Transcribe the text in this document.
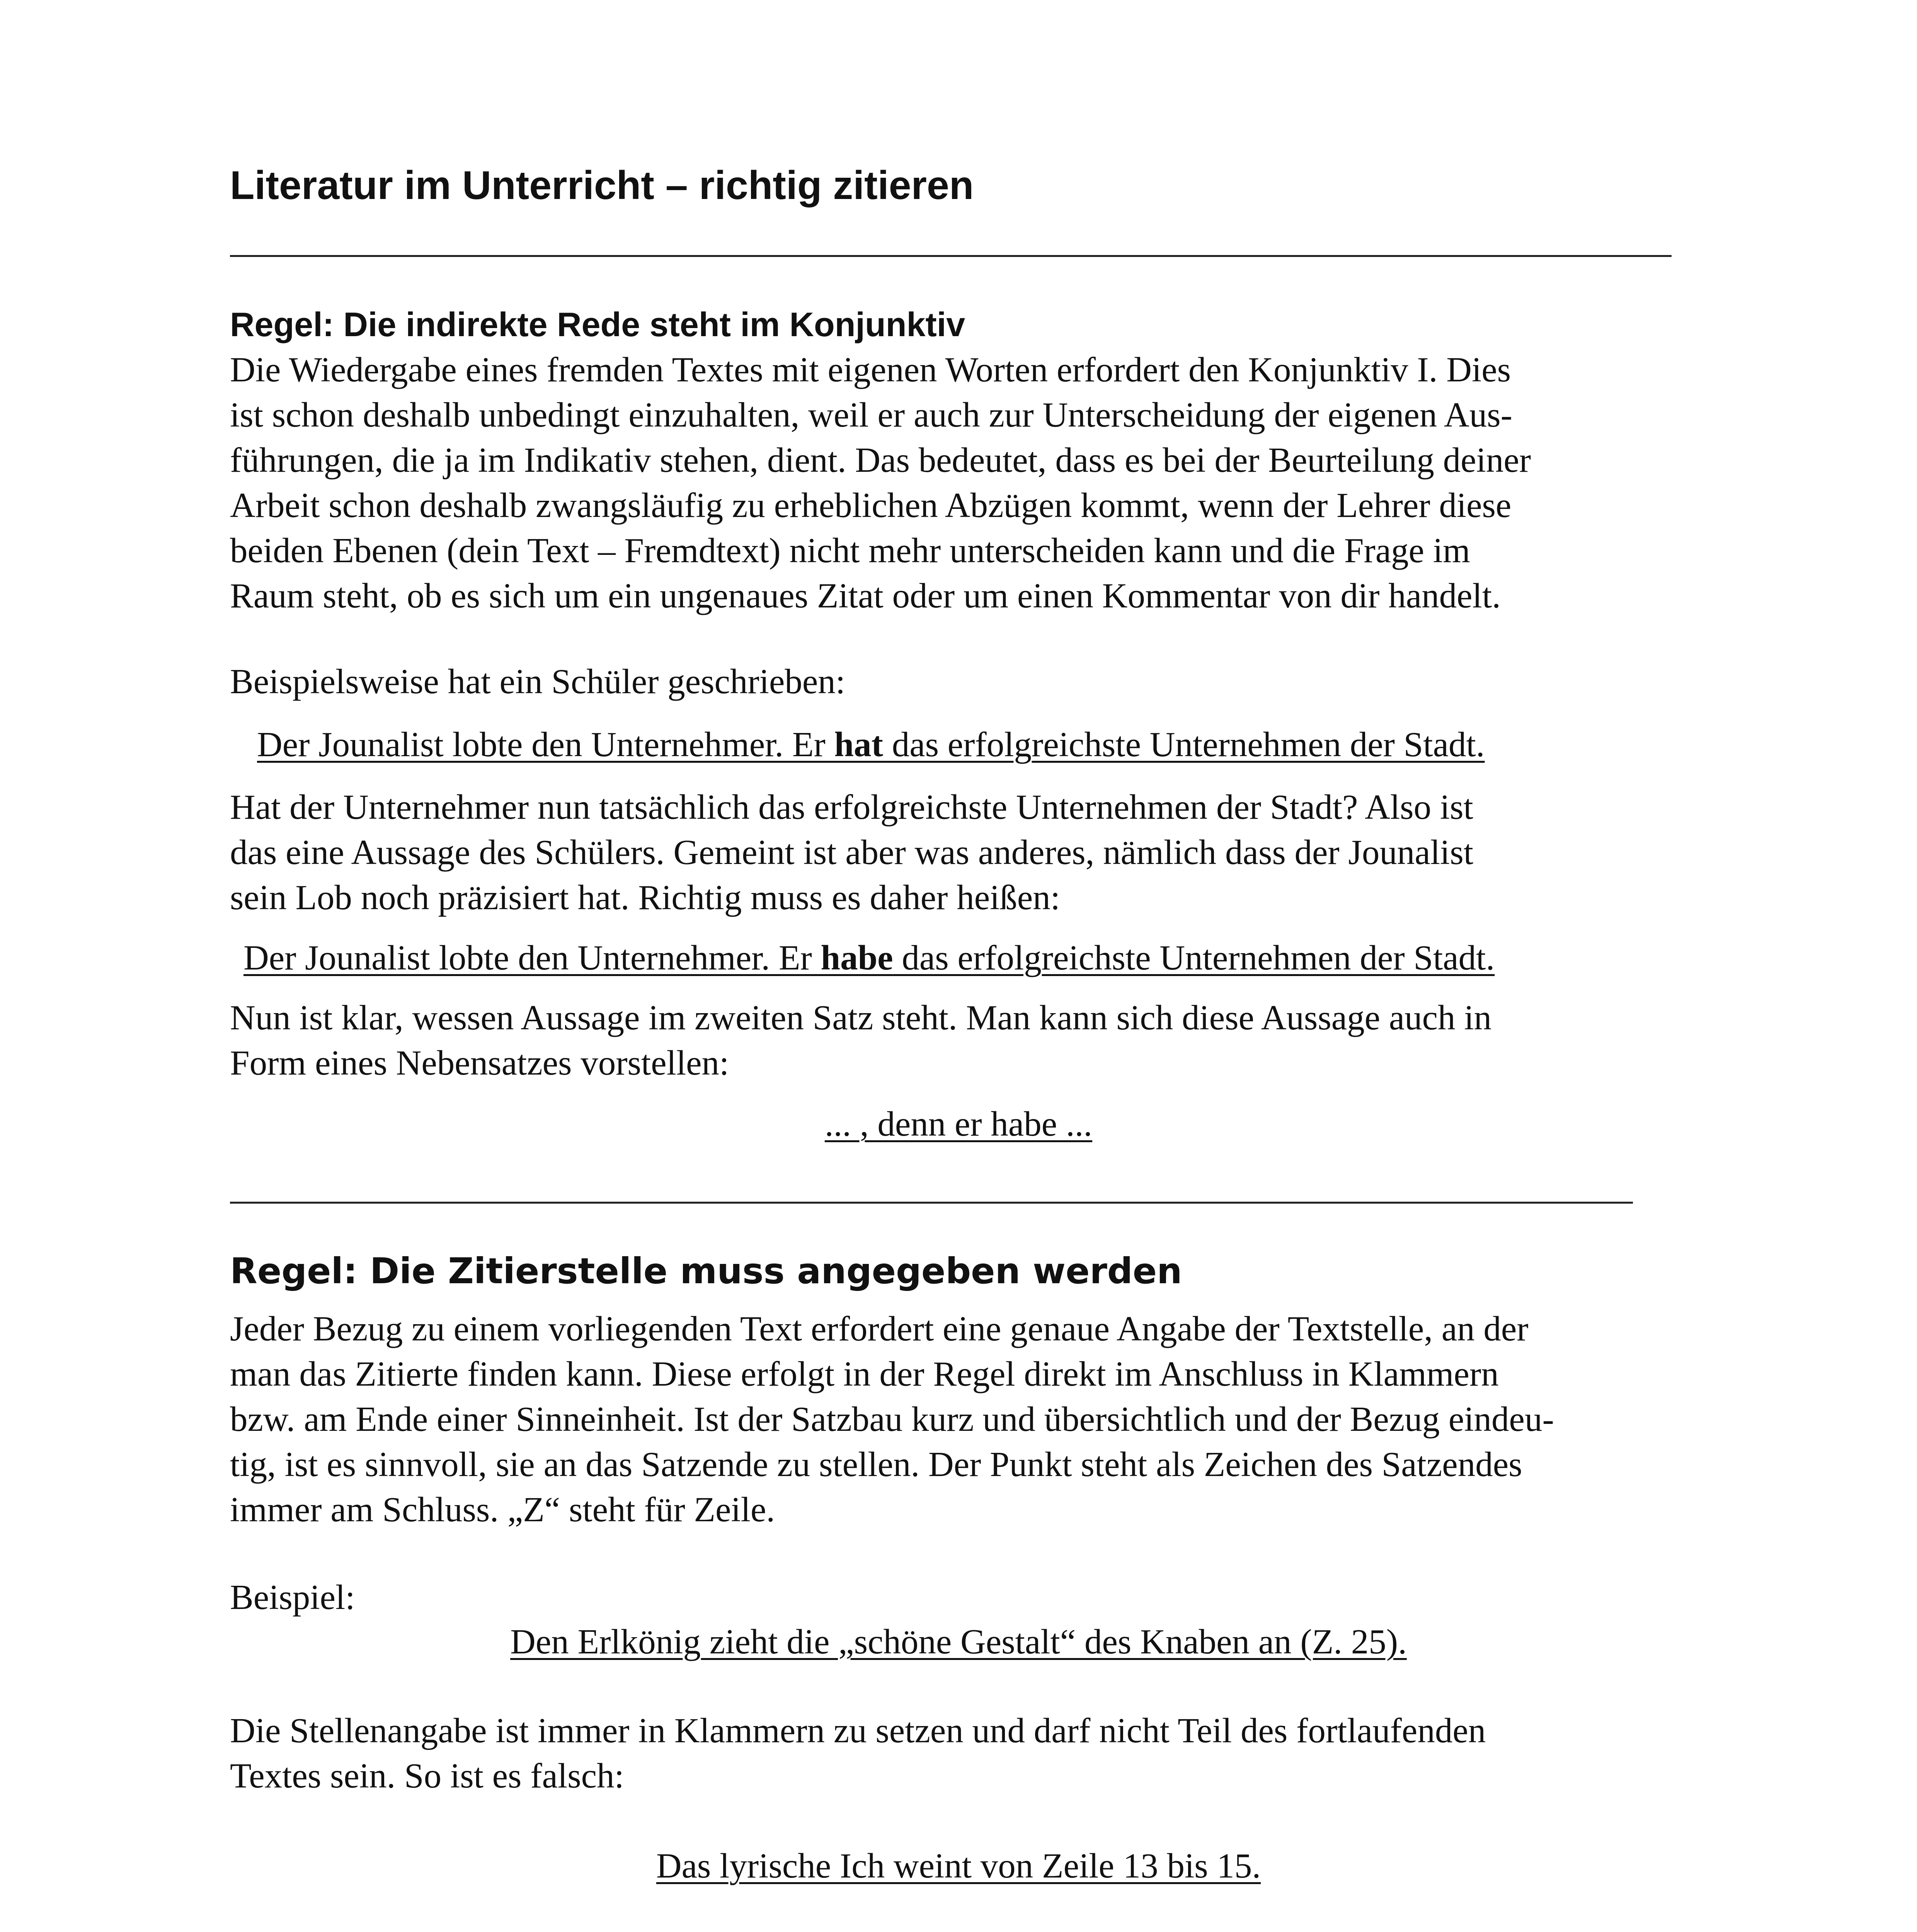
Literatur im Unterricht – richtig zitieren
Regel: Die indirekte Rede steht im Konjunktiv
Die Wiedergabe eines fremden Textes mit eigenen Worten erfordert den Konjunktiv I. Dies
ist schon deshalb unbedingt einzuhalten, weil er auch zur Unterscheidung der eigenen Aus-
führungen, die ja im Indikativ stehen, dient. Das bedeutet, dass es bei der Beurteilung deiner
Arbeit schon deshalb zwangsläufig zu erheblichen Abzügen kommt, wenn der Lehrer diese
beiden Ebenen (dein Text – Fremdtext) nicht mehr unterscheiden kann und die Frage im
Raum steht, ob es sich um ein ungenaues Zitat oder um einen Kommentar von dir handelt.
Beispielsweise hat ein Schüler geschrieben:
Der Jounalist lobte den Unternehmer. Er hat das erfolgreichste Unternehmen der Stadt.
Hat der Unternehmer nun tatsächlich das erfolgreichste Unternehmen der Stadt? Also ist
das eine Aussage des Schülers. Gemeint ist aber was anderes, nämlich dass der Jounalist
sein Lob noch präzisiert hat. Richtig muss es daher heißen:
Der Jounalist lobte den Unternehmer. Er habe das erfolgreichste Unternehmen der Stadt.
Nun ist klar, wessen Aussage im zweiten Satz steht. Man kann sich diese Aussage auch in
Form eines Nebensatzes vorstellen:
... , denn er habe ...
Regel: Die Zitierstelle muss angegeben werden
Jeder Bezug zu einem vorliegenden Text erfordert eine genaue Angabe der Textstelle, an der
man das Zitierte finden kann. Diese erfolgt in der Regel direkt im Anschluss in Klammern
bzw. am Ende einer Sinneinheit. Ist der Satzbau kurz und übersichtlich und der Bezug eindeu-
tig, ist es sinnvoll, sie an das Satzende zu stellen. Der Punkt steht als Zeichen des Satzendes
immer am Schluss. „Z“ steht für Zeile.
Beispiel:
Den Erlkönig zieht die „schöne Gestalt“ des Knaben an (Z. 25).
Die Stellenangabe ist immer in Klammern zu setzen und darf nicht Teil des fortlaufenden
Textes sein. So ist es falsch:
Das lyrische Ich weint von Zeile 13 bis 15.
